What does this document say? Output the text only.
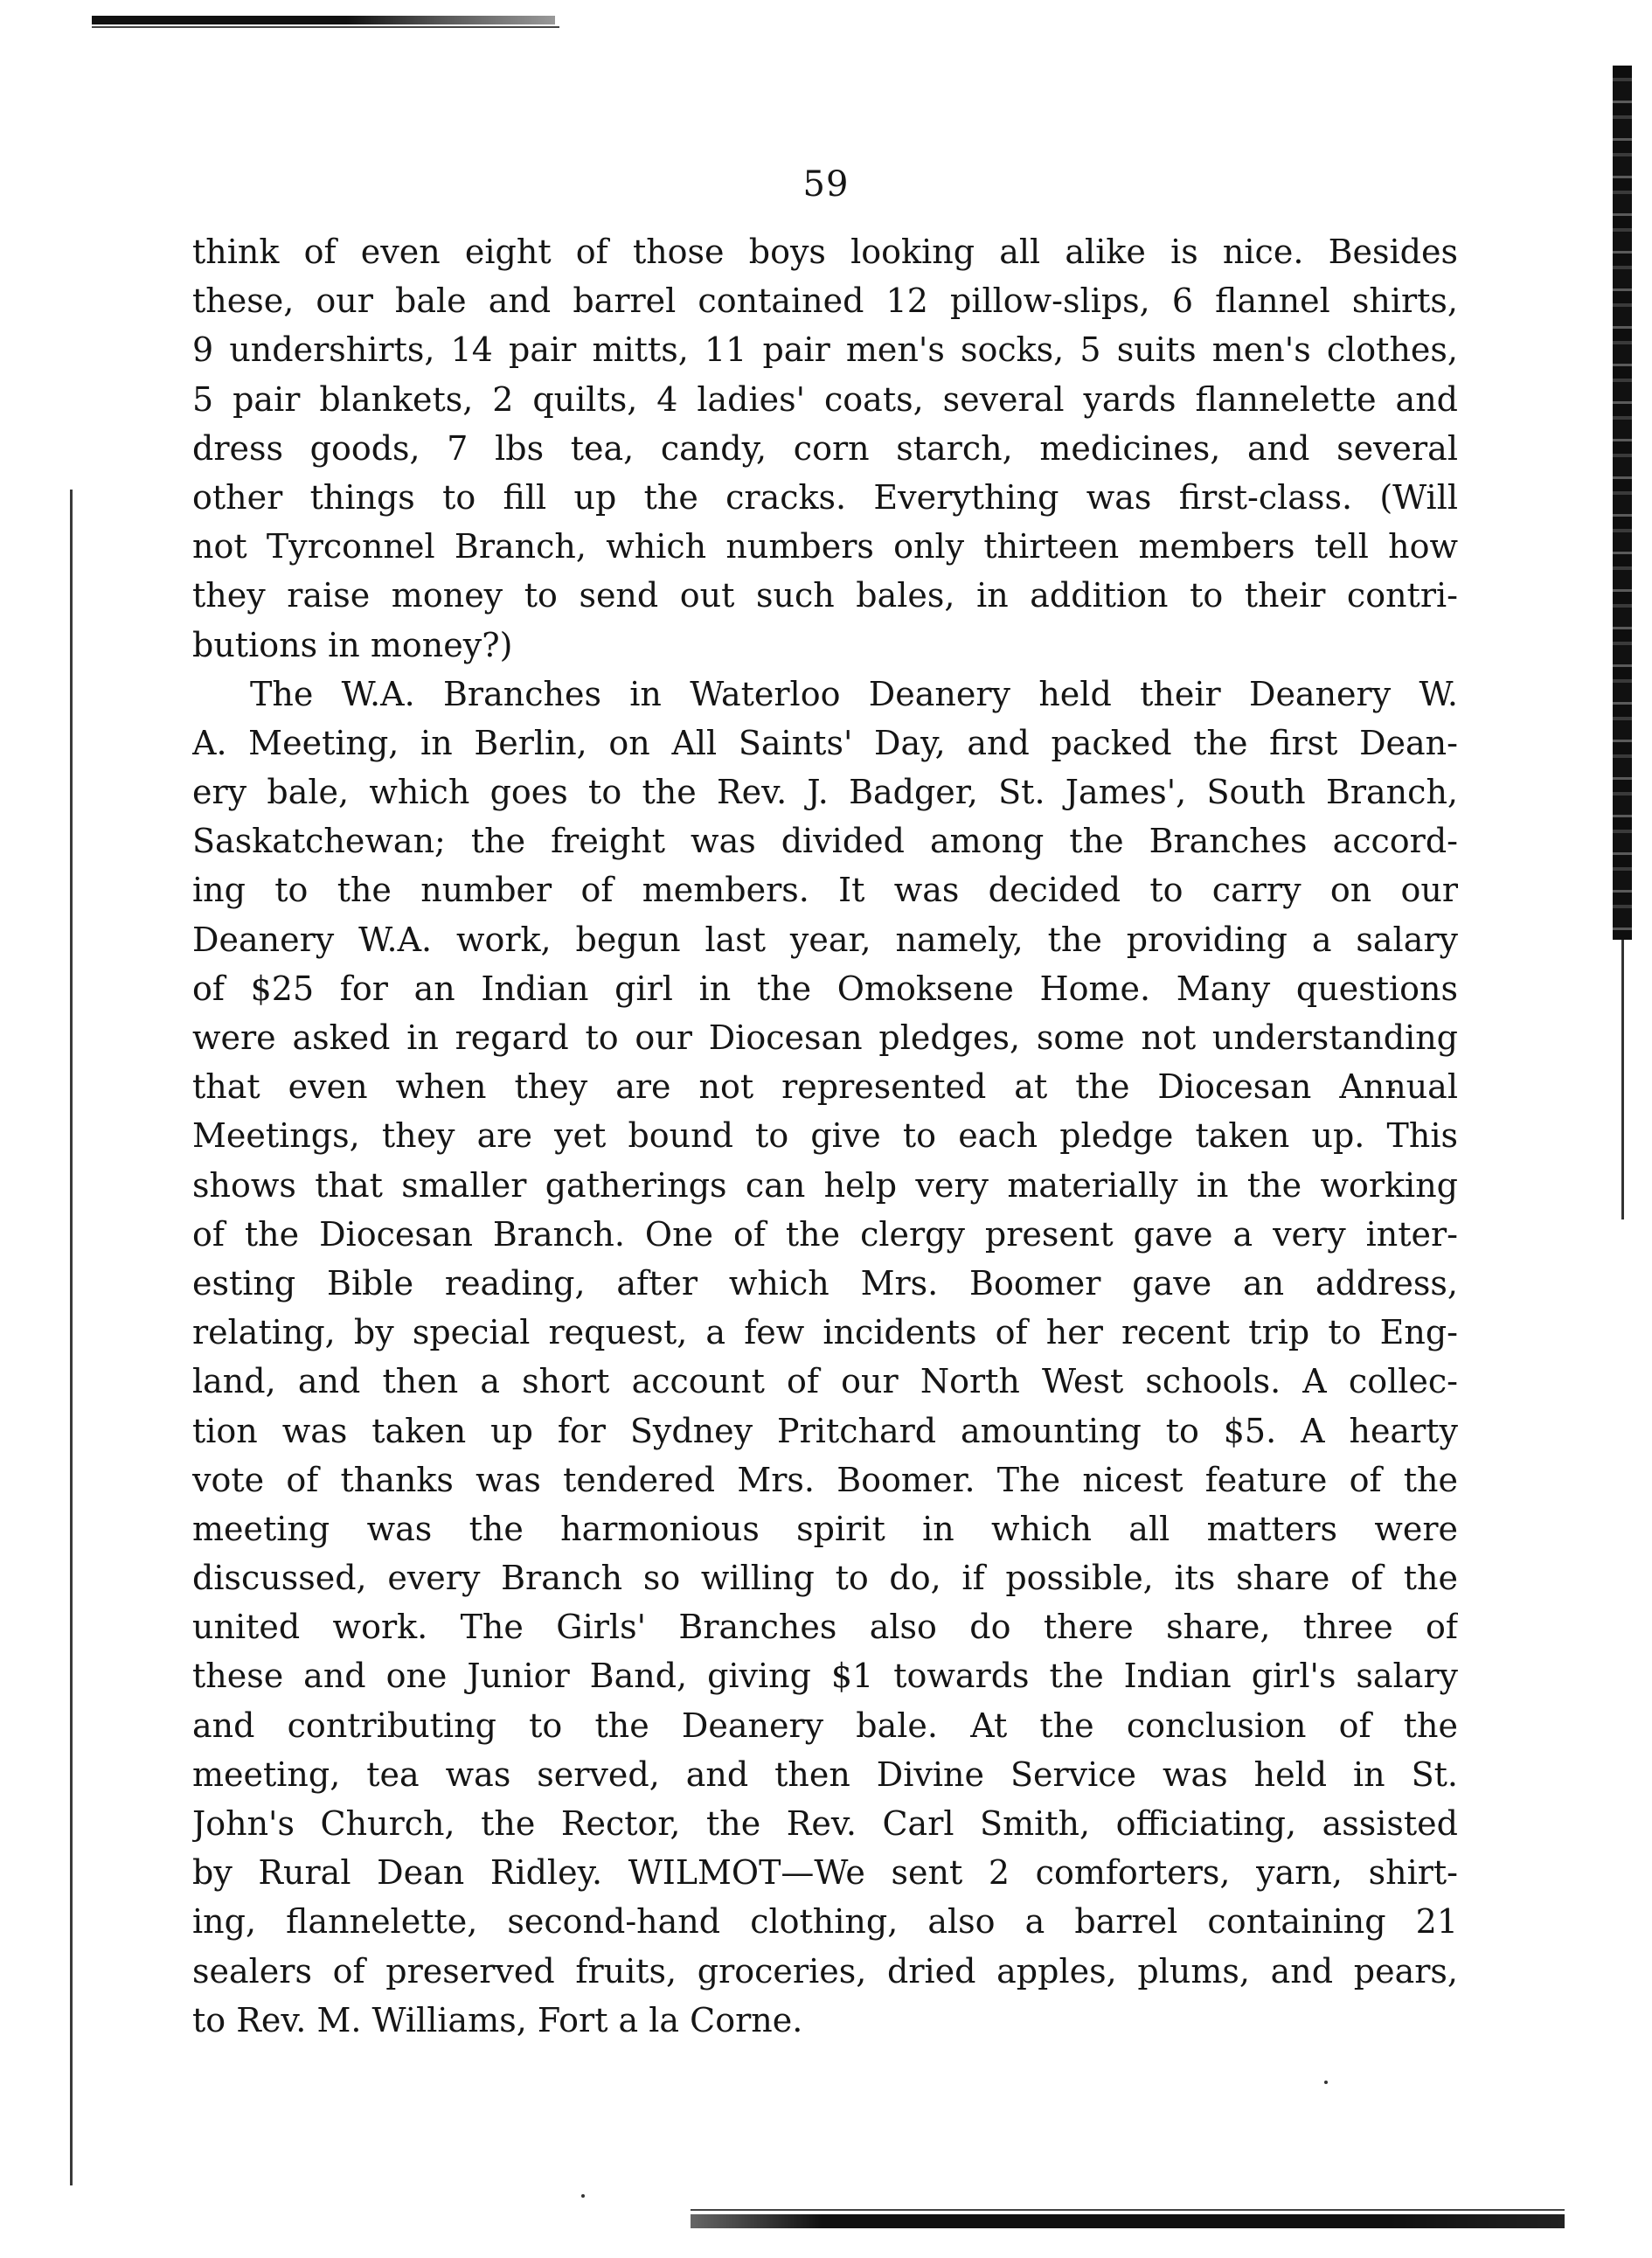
59

think of even eight of those boys looking all alike is nice. Besides
these, our bale and barrel contained 12 pillow-slips, 6 flannel shirts,
9 undershirts, 14 pair mitts, 11 pair men's socks, 5 suits men's clothes,
5 pair blankets, 2 quilts, 4 ladies' coats, several yards flannelette and
dress goods, 7 lbs tea, candy, corn starch, medicines, and several
other things to fill up the cracks. Everything was first-class. (Will
not Tyrconnel Branch, which numbers only thirteen members tell how
they raise money to send out such bales, in addition to their contri-
butions in money?)
The W.A. Branches in Waterloo Deanery held their Deanery W.
A. Meeting, in Berlin, on All Saints' Day, and packed the first Dean-
ery bale, which goes to the Rev. J. Badger, St. James', South Branch,
Saskatchewan; the freight was divided among the Branches accord-
ing to the number of members. It was decided to carry on our
Deanery W.A. work, begun last year, namely, the providing a salary
of $25 for an Indian girl in the Omoksene Home. Many questions
were asked in regard to our Diocesan pledges, some not understanding
that even when they are not represented at the Diocesan Annual
Meetings, they are yet bound to give to each pledge taken up. This
shows that smaller gatherings can help very materially in the working
of the Diocesan Branch. One of the clergy present gave a very inter-
esting Bible reading, after which Mrs. Boomer gave an address,
relating, by special request, a few incidents of her recent trip to Eng-
land, and then a short account of our North West schools. A collec-
tion was taken up for Sydney Pritchard amounting to $5. A hearty
vote of thanks was tendered Mrs. Boomer. The nicest feature of the
meeting was the harmonious spirit in which all matters were
discussed, every Branch so willing to do, if possible, its share of the
united work. The Girls' Branches also do there share, three of
these and one Junior Band, giving $1 towards the Indian girl's salary
and contributing to the Deanery bale. At the conclusion of the
meeting, tea was served, and then Divine Service was held in St.
John's Church, the Rector, the Rev. Carl Smith, officiating, assisted
by Rural Dean Ridley. WILMOT—We sent 2 comforters, yarn, shirt-
ing, flannelette, second-hand clothing, also a barrel containing 21
sealers of preserved fruits, groceries, dried apples, plums, and pears,
to Rev. M. Williams, Fort a la Corne.
